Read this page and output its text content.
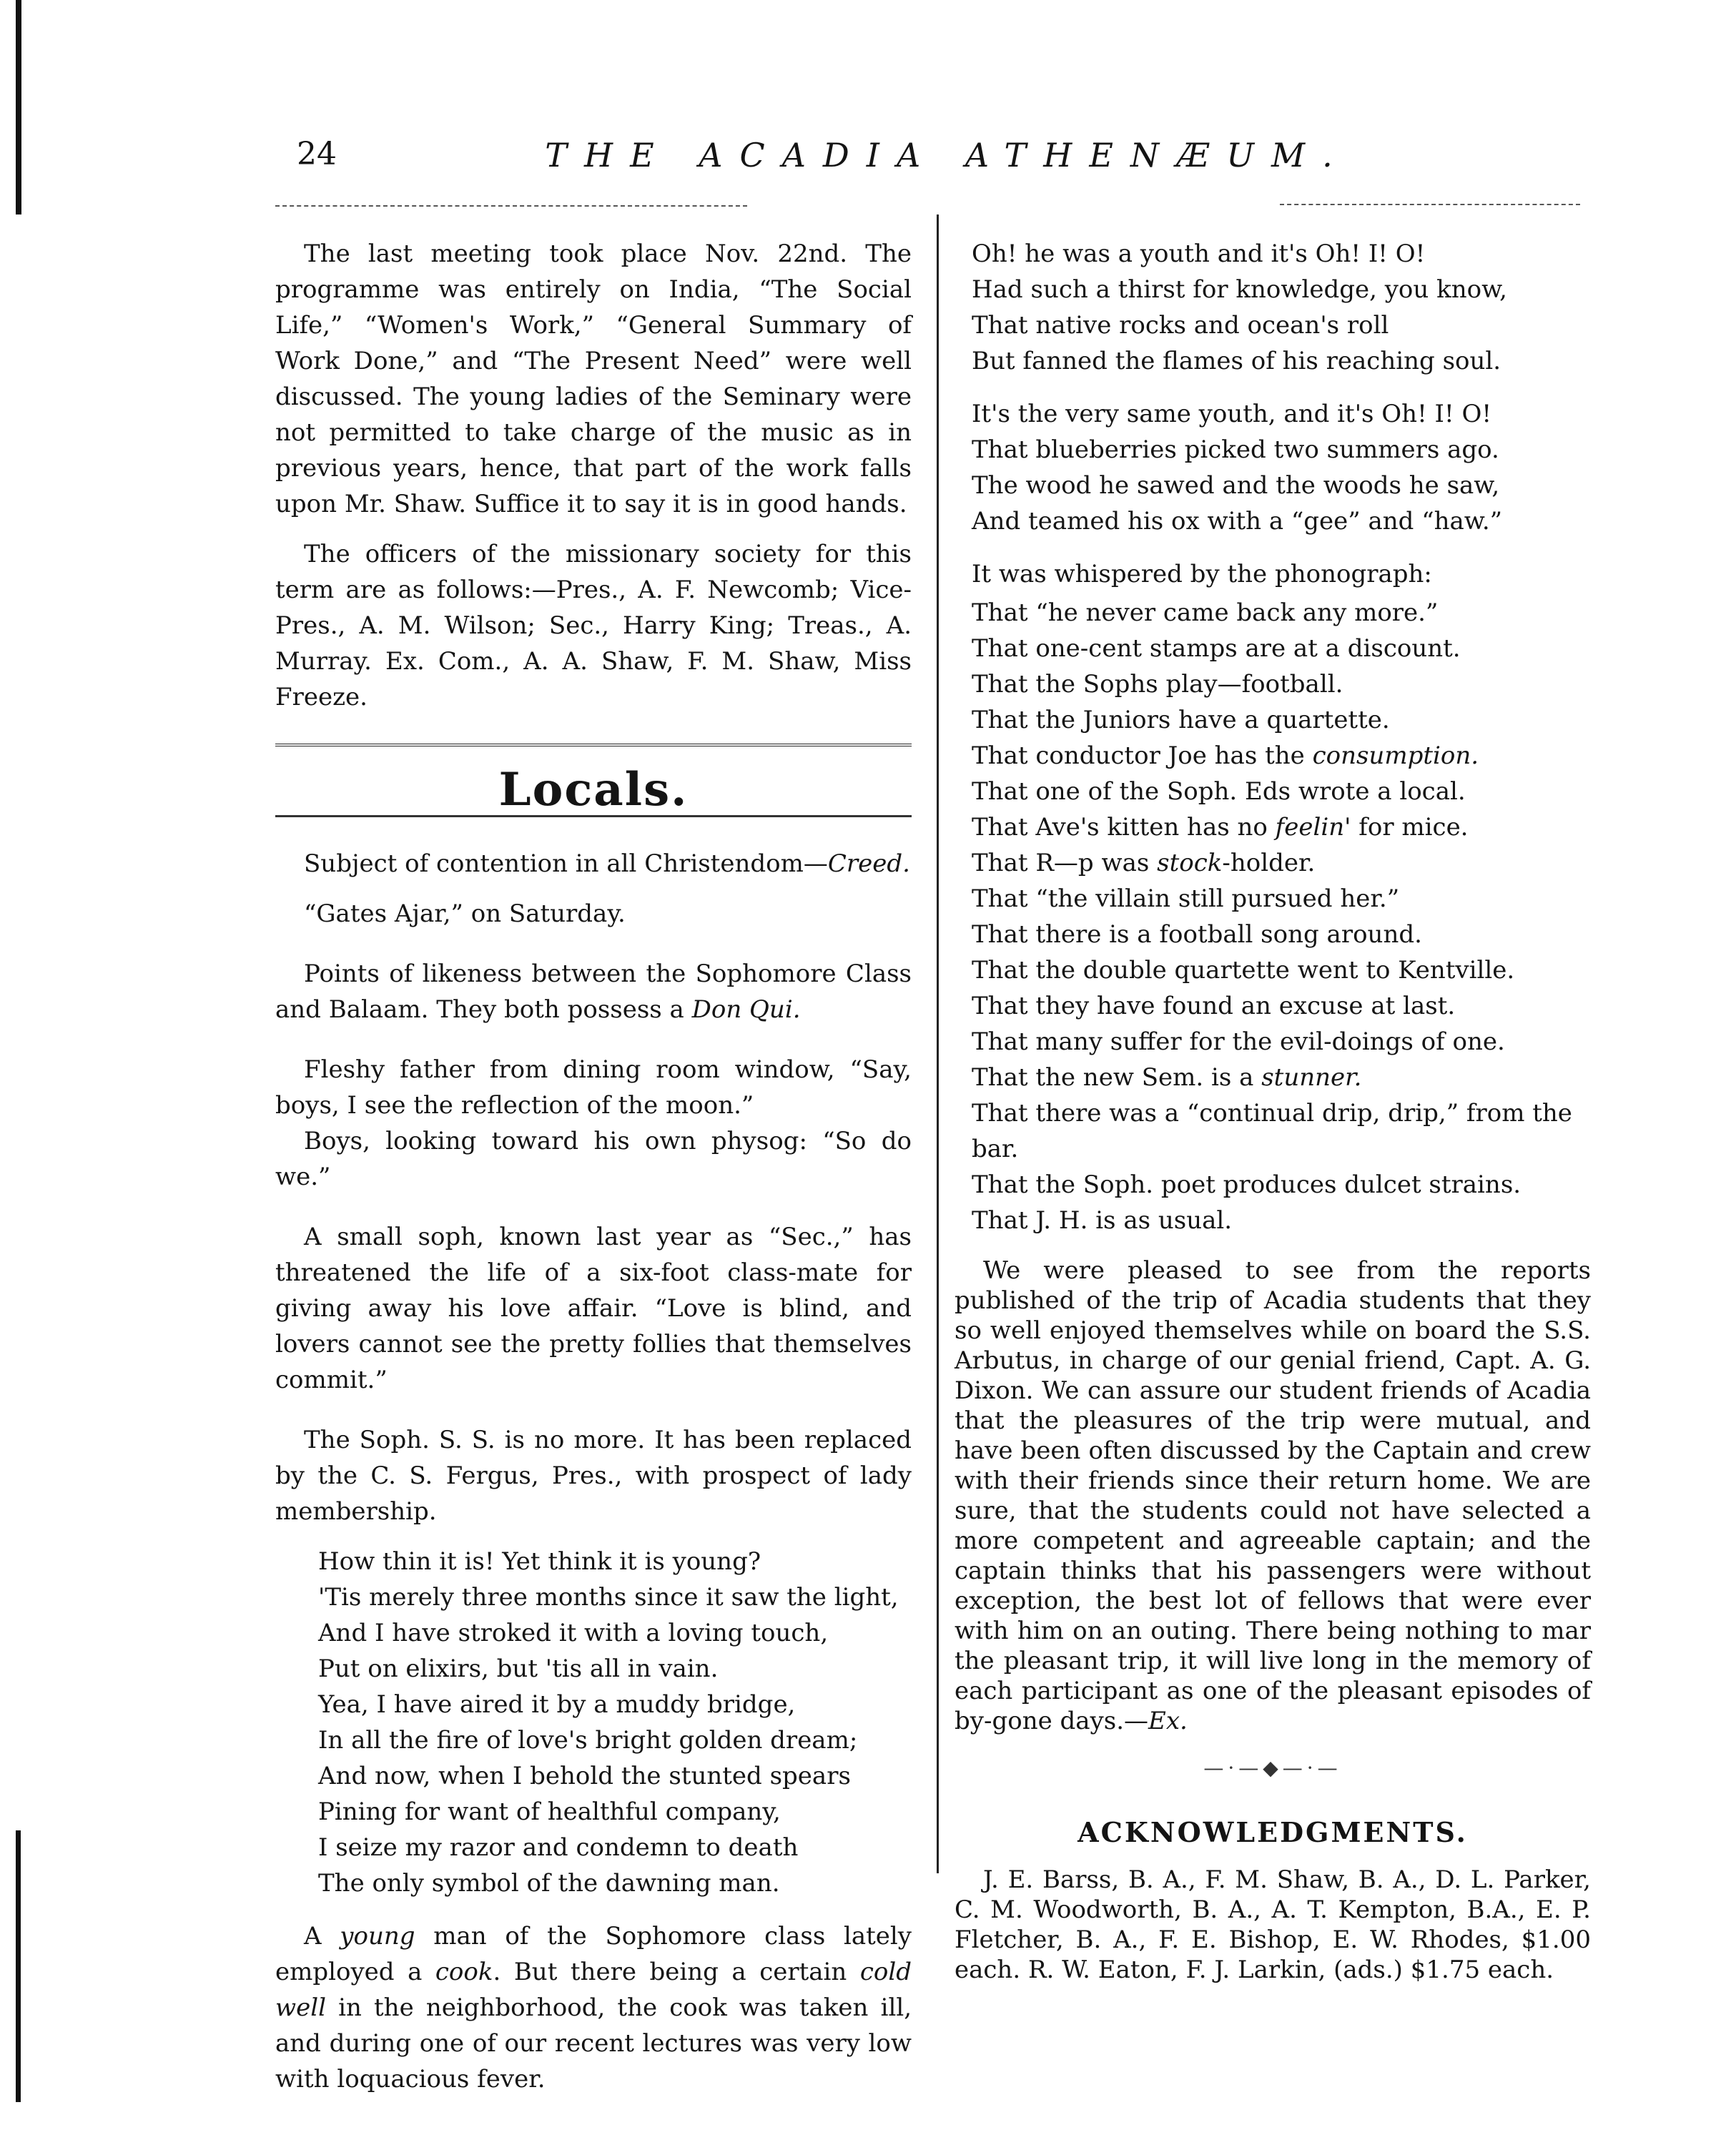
24	THE ACADIA ATHENÆUM.

The last meeting took place Nov. 22nd. The programme was entirely on India, “The Social Life,” “Women's Work,” “General Summary of Work Done,” and “The Present Need” were well discussed. The young ladies of the Seminary were not permitted to take charge of the music as in previous years, hence, that part of the work falls upon Mr. Shaw. Suffice it to say it is in good hands.

The officers of the missionary society for this term are as follows:—Pres., A. F. Newcomb; Vice-Pres., A. M. Wilson; Sec., Harry King; Treas., A. Murray. Ex. Com., A. A. Shaw, F. M. Shaw, Miss Freeze.

Locals.

Subject of contention in all Christendom—Creed.

“Gates Ajar,” on Saturday.

Points of likeness between the Sophomore Class and Balaam. They both possess a Don Qui.

Fleshy father from dining room window, “Say, boys, I see the reflection of the moon.”

Boys, looking toward his own physog: “So do we.”

A small soph, known last year as “Sec.,” has threatened the life of a six-foot class-mate for giving away his love affair. “Love is blind, and lovers cannot see the pretty follies that themselves commit.”

The Soph. S. S. is no more. It has been replaced by the C. S. Fergus, Pres., with prospect of lady membership.

How thin it is! Yet think it is young?
'Tis merely three months since it saw the light,
And I have stroked it with a loving touch,
Put on elixirs, but 'tis all in vain.
Yea, I have aired it by a muddy bridge,
In all the fire of love's bright golden dream;
And now, when I behold the stunted spears
Pining for want of healthful company,
I seize my razor and condemn to death
The only symbol of the dawning man.

A young man of the Sophomore class lately employed a cook. But there being a certain cold well in the neighborhood, the cook was taken ill, and during one of our recent lectures was very low with loquacious fever.

Oh! he was a youth and it's Oh! I! O!
Had such a thirst for knowledge, you know,
That native rocks and ocean's roll
But fanned the flames of his reaching soul.
It's the very same youth, and it's Oh! I! O!
That blueberries picked two summers ago.
The wood he sawed and the woods he saw,
And teamed his ox with a “gee” and “haw.”
It was whispered by the phonograph:
That “he never came back any more.”
That one-cent stamps are at a discount.
That the Sophs play—football.
That the Juniors have a quartette.
That conductor Joe has the consumption.
That one of the Soph. Eds wrote a local.
That Ave's kitten has no feelin' for mice.
That R—p was stock-holder.
That “the villain still pursued her.”
That there is a football song around.
That the double quartette went to Kentville.
That they have found an excuse at last.
That many suffer for the evil-doings of one.
That the new Sem. is a stunner.
That there was a “continual drip, drip,” from the bar.
That the Soph. poet produces dulcet strains.
That J. H. is as usual.

We were pleased to see from the reports published of the trip of Acadia students that they so well enjoyed themselves while on board the S.S. Arbutus, in charge of our genial friend, Capt. A. G. Dixon. We can assure our student friends of Acadia that the pleasures of the trip were mutual, and have been often discussed by the Captain and crew with their friends since their return home. We are sure, that the students could not have selected a more competent and agreeable captain; and the captain thinks that his passengers were without exception, the best lot of fellows that were ever with him on an outing. There being nothing to mar the pleasant trip, it will live long in the memory of each participant as one of the pleasant episodes of by-gone days.—Ex.

—·—◆—·—
ACKNOWLEDGMENTS.

J. E. Barss, B. A., F. M. Shaw, B. A., D. L. Parker, C. M. Woodworth, B. A., A. T. Kempton, B.A., E. P. Fletcher, B. A., F. E. Bishop, E. W. Rhodes, $1.00 each. R. W. Eaton, F. J. Larkin, (ads.) $1.75 each.
